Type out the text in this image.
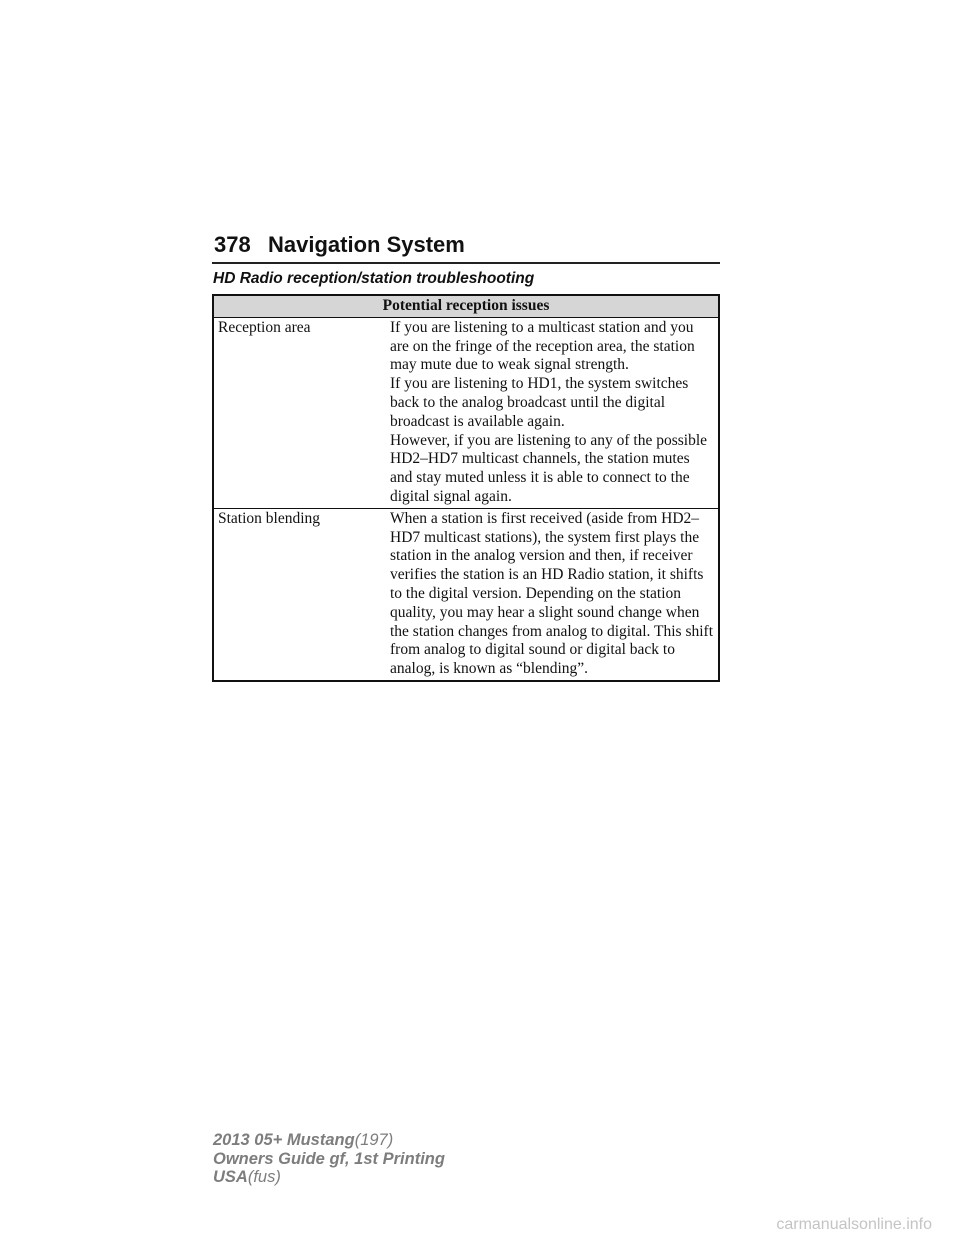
378 Navigation System
HD Radio reception/station troubleshooting
Potential reception issues	
Reception area	If you are listening to a multicast station and you are on the fringe of the reception area, the station may mute due to weak signal strength.

If you are listening to HD1, the system switches back to the analog broadcast until the digital broadcast is available again.

However, if you are listening to any of the possible HD2–HD7 multicast channels, the station mutes and stay muted unless it is able to connect to the digital signal again.

Station blending	When a station is first received (aside from HD2–HD7 multicast stations), the system first plays the station in the analog version and then, if receiver verifies the station is an HD Radio station, it shifts to the digital version. Depending on the station quality, you may hear a slight sound change when the station changes from analog to digital. This shift from analog to digital sound or digital back to analog, is known as “blending”.

2013 05+ Mustang(197)
Owners Guide gf, 1st Printing
USA(fus)
carmanualsonline.info
